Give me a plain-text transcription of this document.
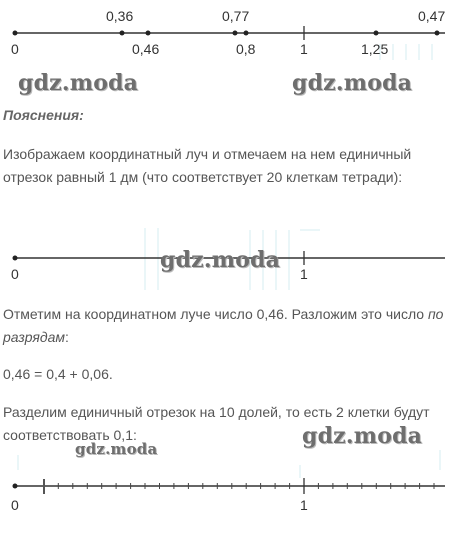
0,36	0,77	0,47
0	0,46	0,8	1	1,25
gdz.moda	gdz.moda
gdz.moda
gdz.moda
gdz.moda
Пояснения:
Изображаем координатный луч и отмечаем на нем единичный отрезок равный 1 дм (что соответствует 20 клеткам тетради):
0	1
Отметим на координатном луче число 0,46. Разложим это число по разрядам:
0,46 = 0,4 + 0,06.
Разделим единичный отрезок на 10 долей, то есть 2 клетки будут соответствовать 0,1:
0	1
